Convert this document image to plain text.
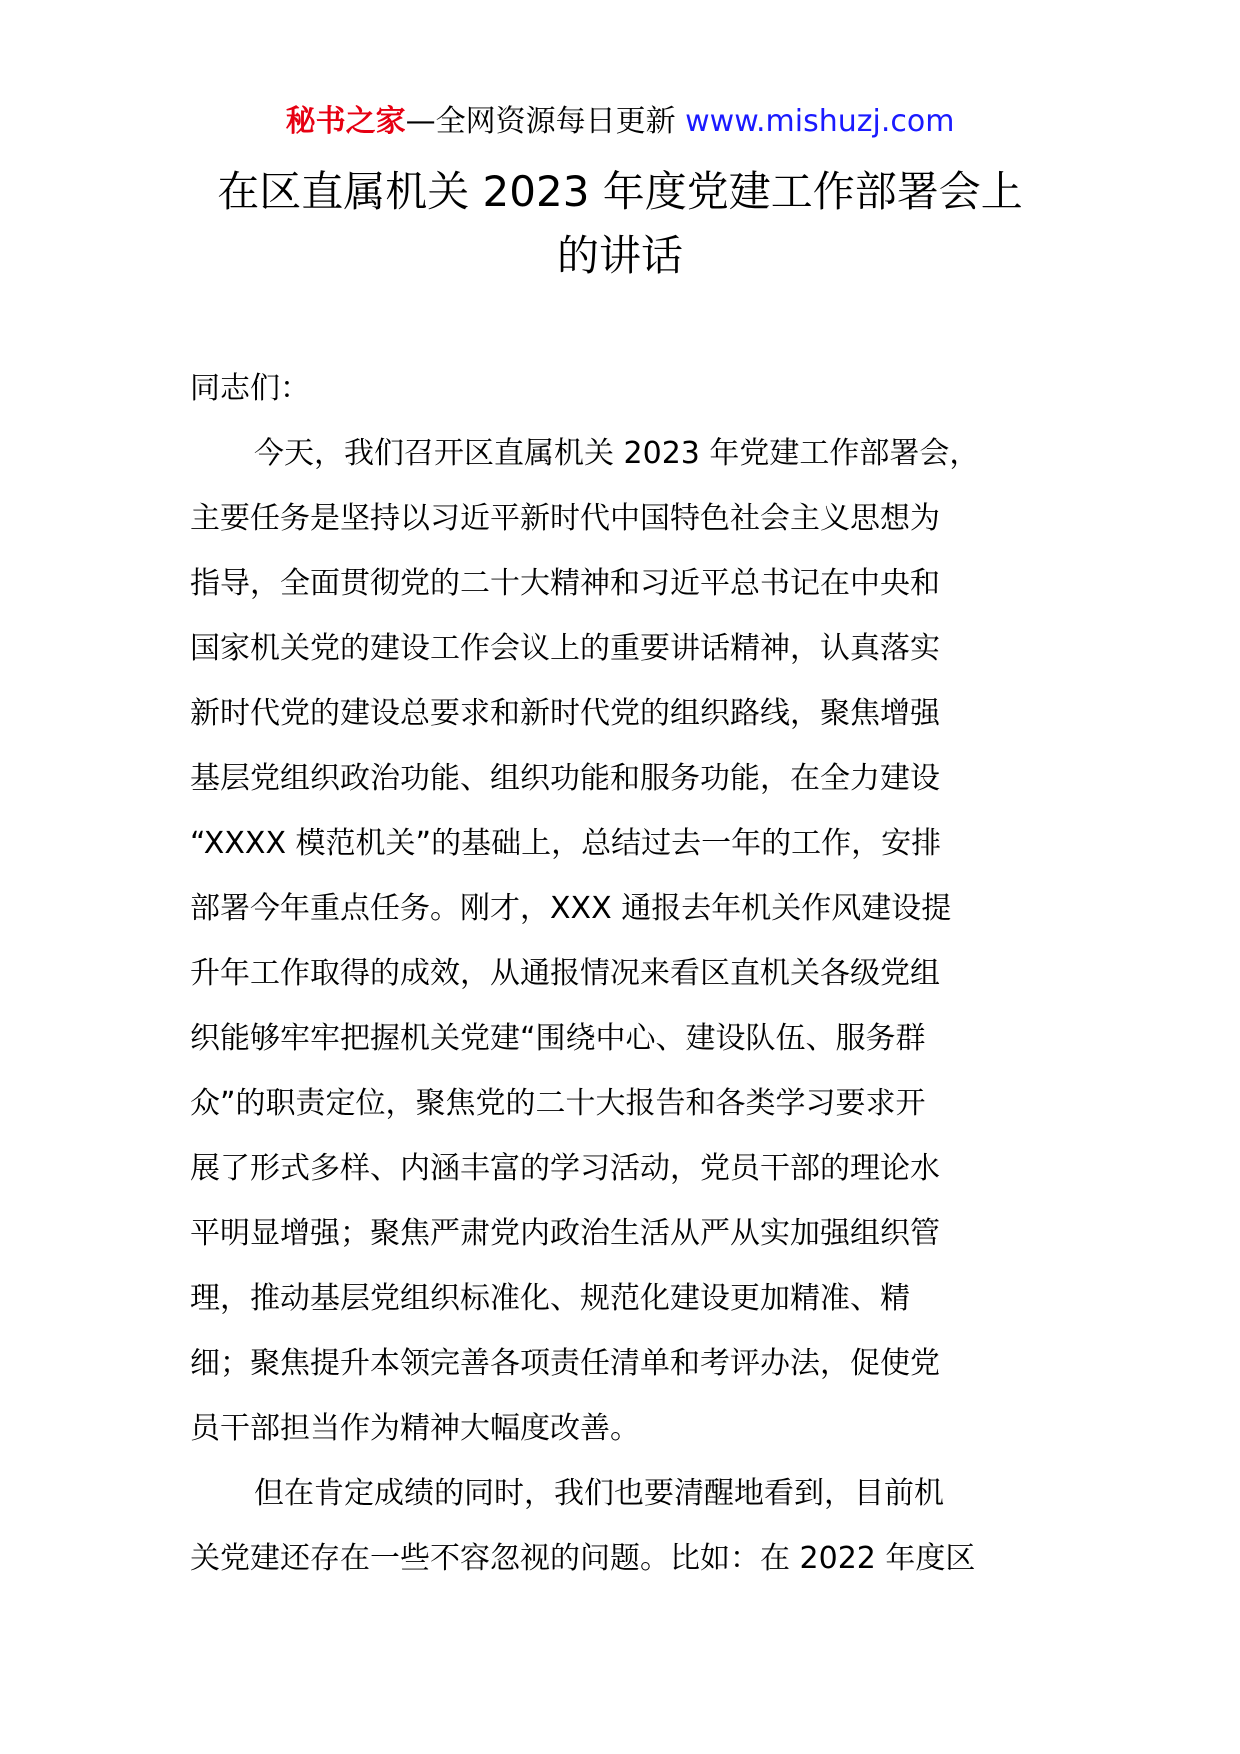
秘书之家—全网资源每日更新 www.mishuzj.com
在区直属机关 2023 年度党建工作部署会上
的讲话

同志们：

今天，我们召开区直属机关 2023 年党建工作部署会，
主要任务是坚持以习近平新时代中国特色社会主义思想为
指导，全面贯彻党的二十大精神和习近平总书记在中央和
国家机关党的建设工作会议上的重要讲话精神，认真落实
新时代党的建设总要求和新时代党的组织路线，聚焦增强
基层党组织政治功能、组织功能和服务功能，在全力建设
“XXXX 模范机关”的基础上，总结过去一年的工作，安排
部署今年重点任务。刚才，XXX 通报去年机关作风建设提
升年工作取得的成效，从通报情况来看区直机关各级党组
织能够牢牢把握机关党建“围绕中心、建设队伍、服务群
众”的职责定位，聚焦党的二十大报告和各类学习要求开
展了形式多样、内涵丰富的学习活动，党员干部的理论水
平明显增强；聚焦严肃党内政治生活从严从实加强组织管
理，推动基层党组织标准化、规范化建设更加精准、精
细；聚焦提升本领完善各项责任清单和考评办法，促使党
员干部担当作为精神大幅度改善。

但在肯定成绩的同时，我们也要清醒地看到，目前机
关党建还存在一些不容忽视的问题。比如：在 2022 年度区
